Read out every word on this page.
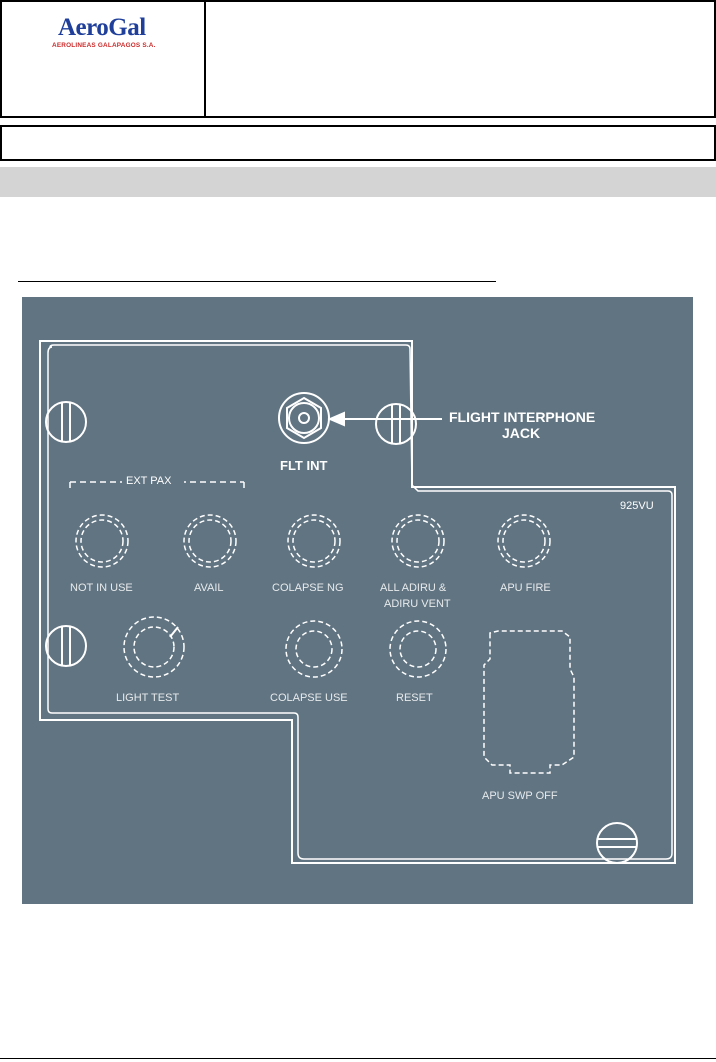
AeroGal
AEROLINEAS GALAPAGOS S.A.
FLIGHT INTERPHONE
JACK
FLT INT
EXT PAX
925VU
NOT IN USE	AVAIL	COLAPSE NG	ALL ADIRU &
ADIRU VENT
APU FIRE
LIGHT TEST	COLAPSE USE	RESET
APU SWP OFF
